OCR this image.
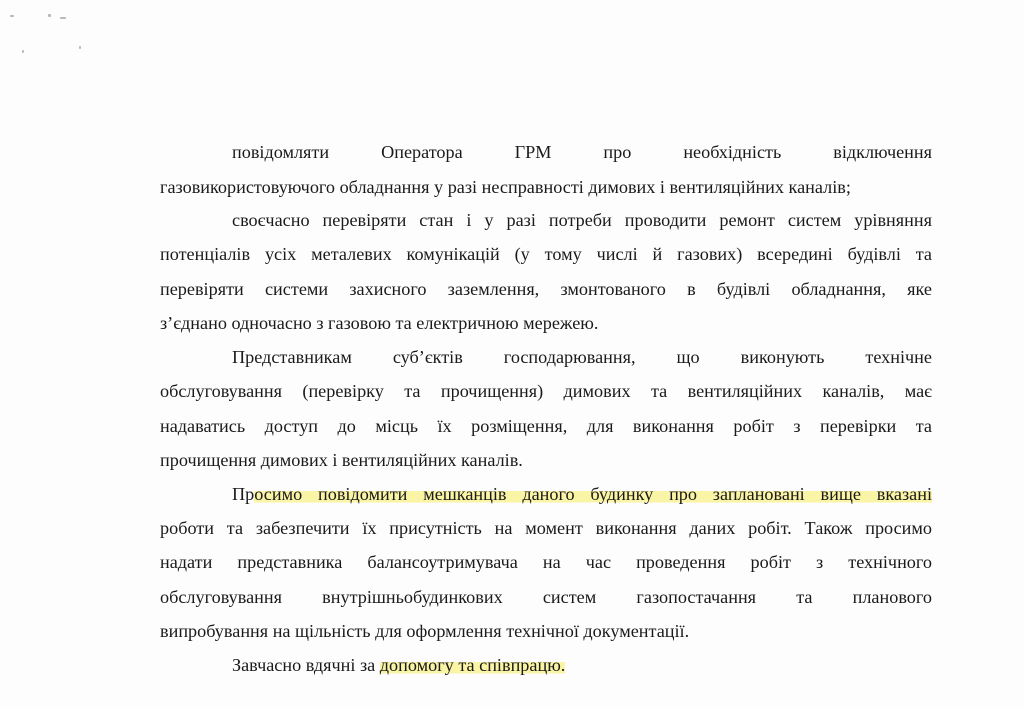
повідомляти Оператора ГРМ про необхідність відключення
газовикористовуючого обладнання у разі несправності димових і вентиляційних каналів;
своєчасно перевіряти стан і у разі потреби проводити ремонт систем урівняння
потенціалів усіх металевих комунікацій (у тому числі й газових) всередині будівлі та
перевіряти системи захисного заземлення, змонтованого в будівлі обладнання, яке
з’єднано одночасно з газовою та електричною мережею.
Представникам суб’єктів господарювання, що виконують технічне
обслуговування (перевірку та прочищення) димових та вентиляційних каналів, має
надаватись доступ до місць їх розміщення, для виконання робіт з перевірки та
прочищення димових і вентиляційних каналів.
Просимо повідомити мешканців даного будинку про заплановані вище вказані
роботи та забезпечити їх присутність на момент виконання даних робіт. Також просимо
надати представника балансоутримувача на час проведення робіт з технічного
обслуговування внутрішньобудинкових систем газопостачання та планового
випробування на щільність для оформлення технічної документації.
Завчасно вдячні за допомогу та співпрацю.
